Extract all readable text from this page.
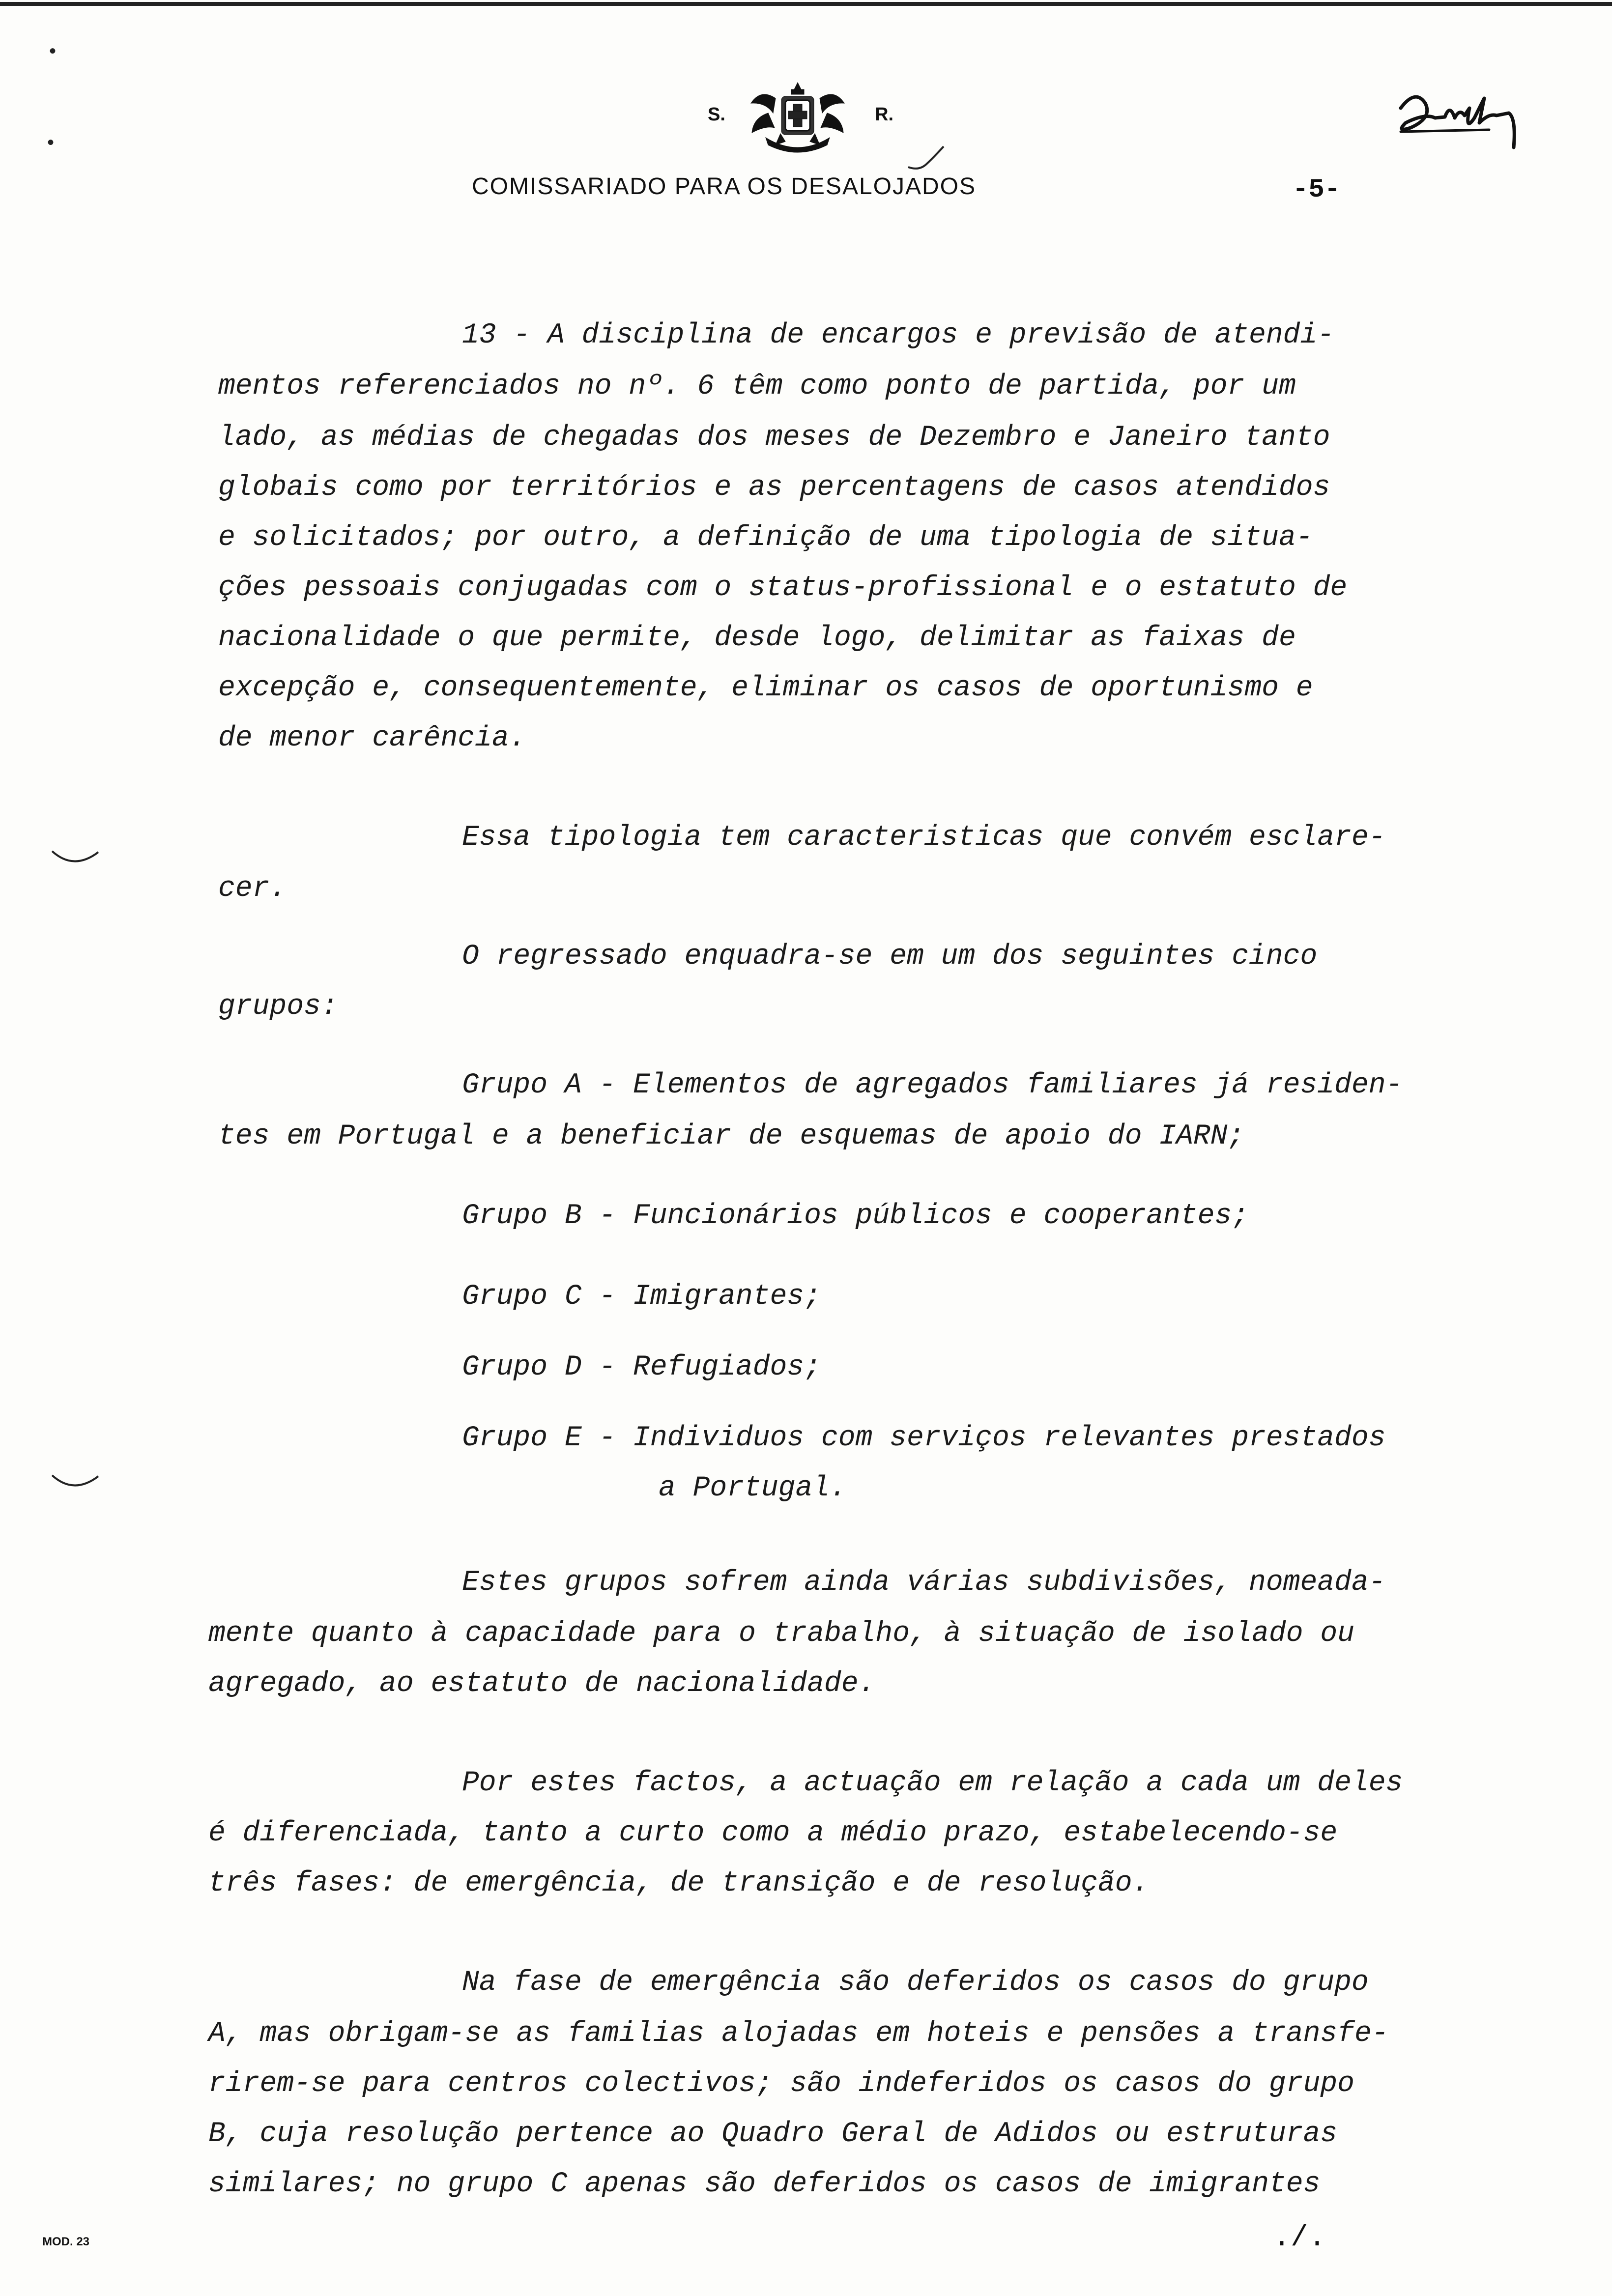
•
•
S.	R.
COMISSARIADO PARA OS DESALOJADOS	-5-
13 - A disciplina de encargos e previsão de atendi-
mentos referenciados no nº. 6 têm como ponto de partida, por um
lado, as médias de chegadas dos meses de Dezembro e Janeiro tanto
globais como por territórios e as percentagens de casos atendidos
e solicitados; por outro, a definição de uma tipologia de situa-
ções pessoais conjugadas com o status-profissional e o estatuto de
nacionalidade o que permite, desde logo, delimitar as faixas de
excepção e, consequentemente, eliminar os casos de oportunismo e
de menor carência.
Essa tipologia tem caracteristicas que convém esclare-
cer.
O regressado enquadra-se em um dos seguintes cinco
grupos:
Grupo A - Elementos de agregados familiares já residen-
tes em Portugal e a beneficiar de esquemas de apoio do IARN;
Grupo B - Funcionários públicos e cooperantes;
Grupo C - Imigrantes;
Grupo D - Refugiados;
Grupo E - Individuos com serviços relevantes prestados
a Portugal.
Estes grupos sofrem ainda várias subdivisões, nomeada-
mente quanto à capacidade para o trabalho, à situação de isolado ou
agregado, ao estatuto de nacionalidade.
Por estes factos, a actuação em relação a cada um deles
é diferenciada, tanto a curto como a médio prazo, estabelecendo-se
três fases: de emergência, de transição e de resolução.
Na fase de emergência são deferidos os casos do grupo
A, mas obrigam-se as familias alojadas em hoteis e pensões a transfe-
rirem-se para centros colectivos; são indeferidos os casos do grupo
B, cuja resolução pertence ao Quadro Geral de Adidos ou estruturas
similares; no grupo C apenas são deferidos os casos de imigrantes
MOD. 23	./.
